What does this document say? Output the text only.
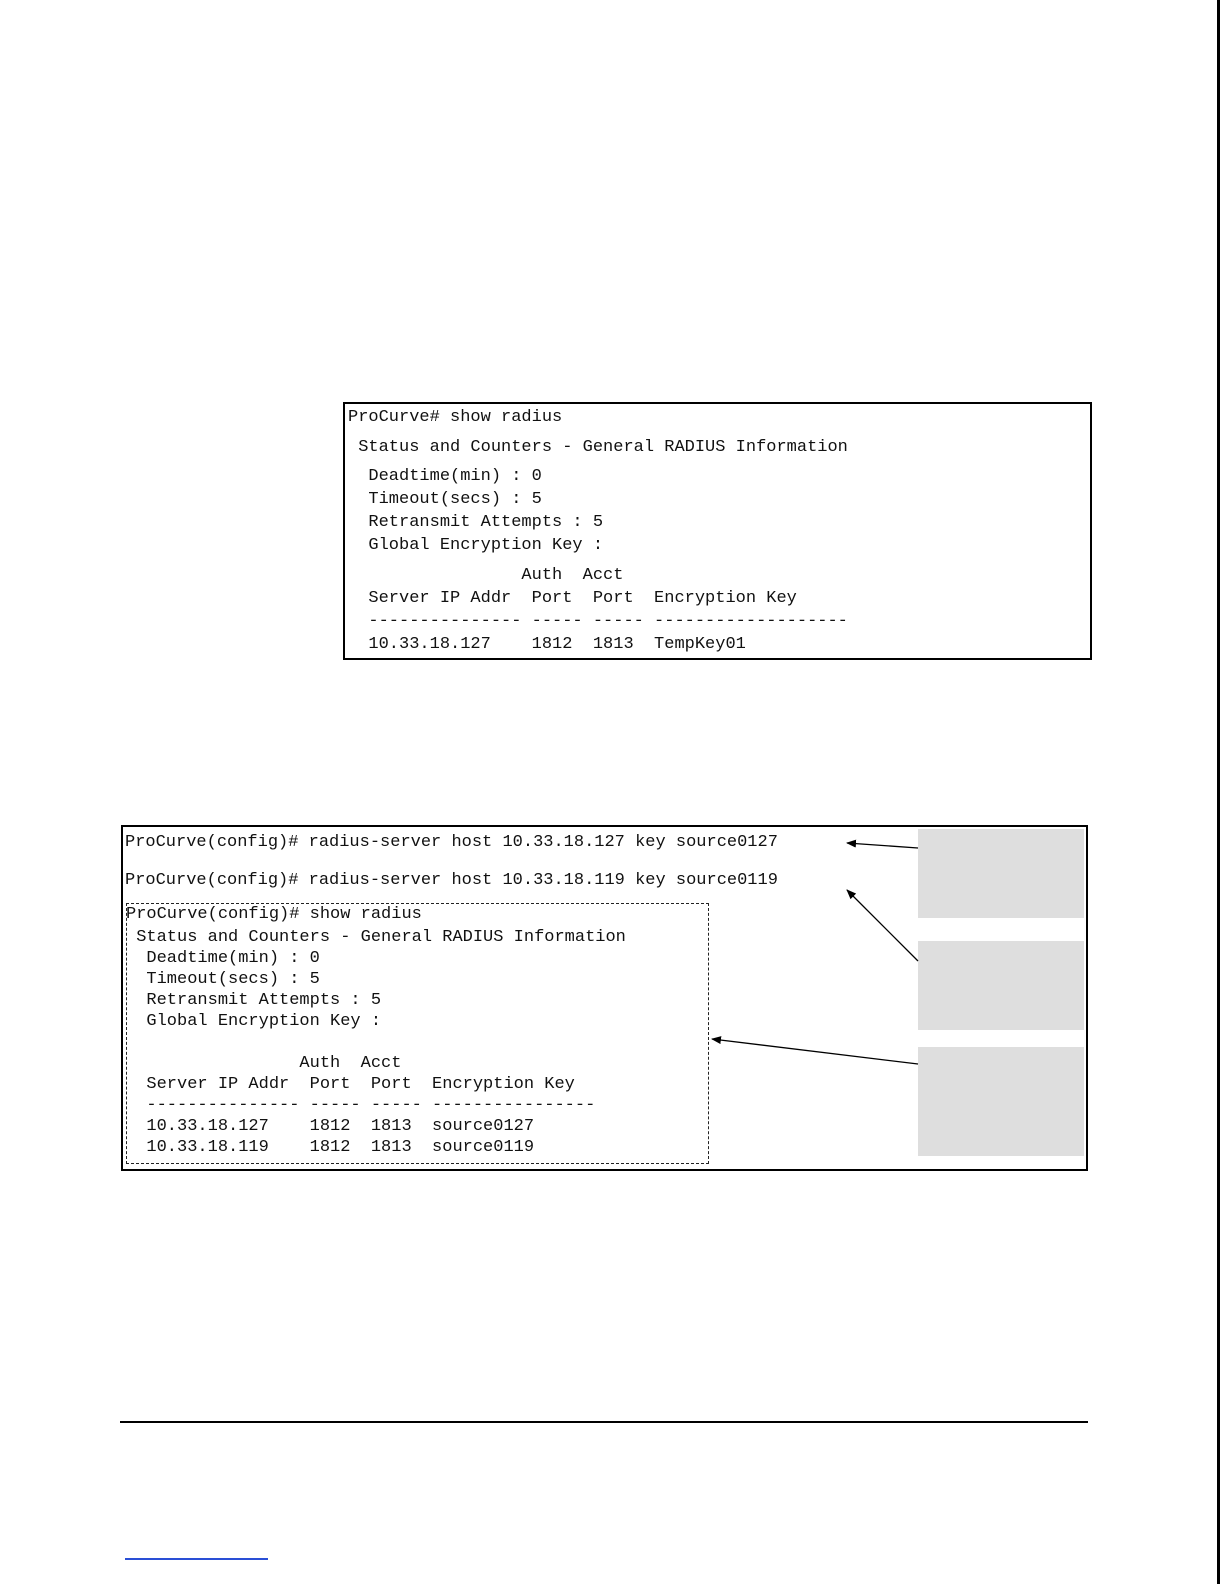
ProCurve# show radius
Status and Counters - General RADIUS Information
Deadtime(min) : 0
Timeout(secs) : 5
Retransmit Attempts : 5
Global Encryption Key :
Auth  Acct
Server IP Addr  Port  Port  Encryption Key
--------------- ----- ----- -------------------
10.33.18.127    1812  1813  TempKey01
ProCurve(config)# radius-server host 10.33.18.127 key source0127
ProCurve(config)# radius-server host 10.33.18.119 key source0119
ProCurve(config)# show radius
Status and Counters - General RADIUS Information
Deadtime(min) : 0
Timeout(secs) : 5
Retransmit Attempts : 5
Global Encryption Key :
Auth  Acct
Server IP Addr  Port  Port  Encryption Key
--------------- ----- ----- ----------------
10.33.18.127    1812  1813  source0127
10.33.18.119    1812  1813  source0119
